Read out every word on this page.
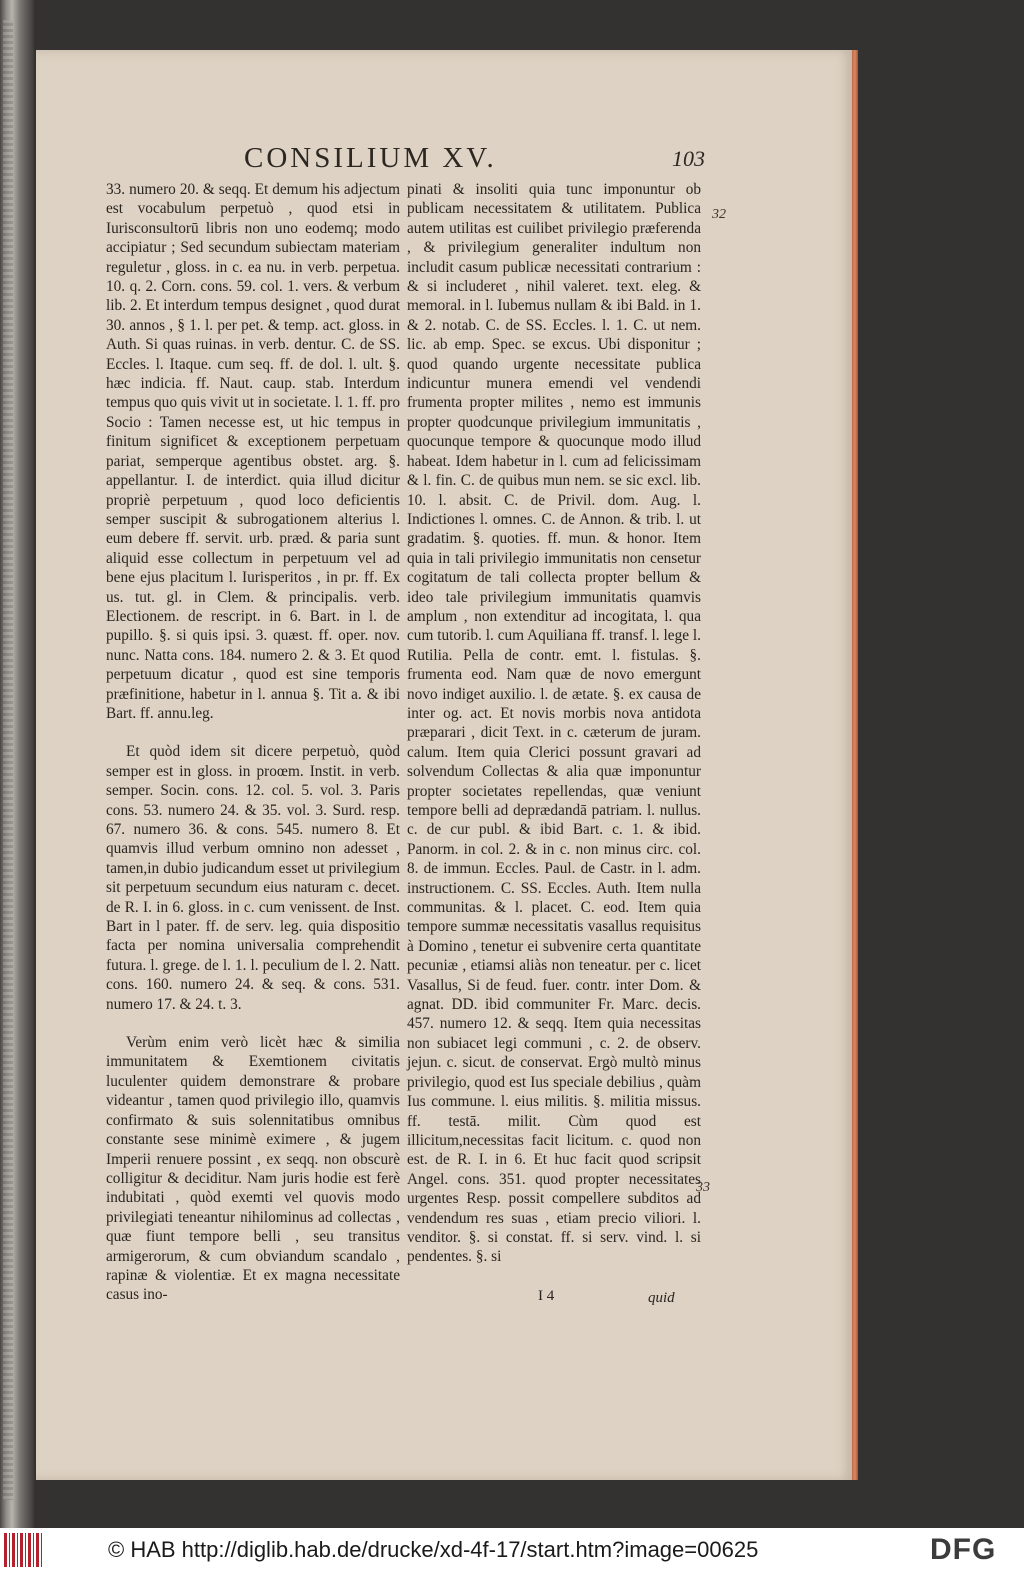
CONSILIUM XV.	103

33. numero 20. & seqq. Et demum his adjectum est vocabulum perpetuò , quod etsi in Iurisconsultorū libris non uno eodemq; modo accipiatur ; Sed secundum subiectam materiam reguletur , gloss. in c. ea nu. in verb. perpetua. 10. q. 2. Corn. cons. 59. col. 1. vers. & verbum lib. 2. Et interdum tempus designet , quod durat 30. annos , § 1. l. per pet. & temp. act. gloss. in Auth. Si quas ruinas. in verb. dentur. C. de SS. Eccles. l. Itaque. cum seq. ff. de dol. l. ult. §. hæc indicia. ff. Naut. caup. stab. Interdum tempus quo quis vivit ut in societate. l. 1. ff. pro Socio : Tamen necesse est, ut hic tempus in finitum significet & exceptionem perpetuam pariat, semperque agentibus obstet. arg. §. appellantur. I. de interdict. quia illud dicitur propriè perpetuum , quod loco deficientis semper suscipit & subrogationem alterius l. eum debere ff. servit. urb. præd. & paria sunt aliquid esse collectum in perpetuum vel ad bene ejus placitum l. Iurisperitos , in pr. ff. Ex us. tut. gl. in Clem. & principalis. verb. Electionem. de rescript. in 6. Bart. in l. de pupillo. §. si quis ipsi. 3. quæst. ff. oper. nov. nunc. Natta cons. 184. numero 2. & 3. Et quod perpetuum dicatur , quod est sine temporis præfinitione, habetur in l. annua §. Tit a. & ibi Bart. ff. annu.leg.

Et quòd idem sit dicere perpetuò, quòd semper est in gloss. in proœm. Instit. in verb. semper. Socin. cons. 12. col. 5. vol. 3. Paris cons. 53. numero 24. & 35. vol. 3. Surd. resp. 67. numero 36. & cons. 545. numero 8. Et quamvis illud verbum omnino non adesset , tamen,in dubio judicandum esset ut privilegium sit perpetuum secundum eius naturam c. decet. de R. I. in 6. gloss. in c. cum venissent. de Inst. Bart in l pater. ff. de serv. leg. quia dispositio facta per nomina universalia comprehendit futura. l. grege. de l. 1. l. peculium de l. 2. Natt. cons. 160. numero 24. & seq. & cons. 531. numero 17. & 24. t. 3.

Verùm enim verò licèt hæc & similia immunitatem & Exemtionem civitatis luculenter quidem demonstrare & probare videantur , tamen quod privilegio illo, quamvis confirmato & suis solennitatibus omnibus constante sese minimè eximere , & jugem Imperii renuere possint , ex seqq. non obscurè colligitur & deciditur. Nam juris hodie est ferè indubitati , quòd exemti vel quovis modo privilegiati teneantur nihilominus ad collectas , quæ fiunt tempore belli , seu transitus armigerorum, & cum obviandum scandalo , rapinæ & violentiæ. Et ex magna necessitate casus ino-

pinati & insoliti quia tunc imponuntur ob publicam necessitatem & utilitatem. Publica autem utilitas est cuilibet privilegio præferenda , & privilegium generaliter indultum non includit casum publicæ necessitati contrarium : & si includeret , nihil valeret. text. eleg. & memoral. in l. Iubemus nullam & ibi Bald. in 1. & 2. notab. C. de SS. Eccles. l. 1. C. ut nem. lic. ab emp. Spec. se excus. Ubi disponitur ; quod quando urgente necessitate publica indicuntur munera emendi vel vendendi frumenta propter milites , nemo est immunis propter quodcunque privilegium immunitatis , quocunque tempore & quocunque modo illud habeat. Idem habetur in l. cum ad felicissimam & l. fin. C. de quibus mun nem. se sic excl. lib. 10. l. absit. C. de Privil. dom. Aug. l. Indictiones l. omnes. C. de Annon. & trib. l. ut gradatim. §. quoties. ff. mun. & honor. Item quia in tali privilegio immunitatis non censetur cogitatum de tali collecta propter bellum & ideo tale privilegium immunitatis quamvis amplum , non extenditur ad incogitata, l. qua cum tutorib. l. cum Aquiliana ff. transf. l. lege l. Rutilia. Pella de contr. emt. l. fistulas. §. frumenta eod. Nam quæ de novo emergunt novo indiget auxilio. l. de ætate. §. ex causa de inter og. act. Et novis morbis nova antidota præparari , dicit Text. in c. cæterum de juram. calum. Item quia Clerici possunt gravari ad solvendum Collectas & alia quæ imponuntur propter societates repellendas, quæ veniunt tempore belli ad deprædandā patriam. l. nullus. c. de cur publ. & ibid Bart. c. 1. & ibid. Panorm. in col. 2. & in c. non minus circ. col. 8. de immun. Eccles. Paul. de Castr. in l. adm. instructionem. C. SS. Eccles. Auth. Item nulla communitas. & l. placet. C. eod. Item quia tempore summæ necessitatis vasallus requisitus à Domino , tenetur ei subvenire certa quantitate pecuniæ , etiamsi aliàs non teneatur. per c. licet Vasallus, Si de feud. fuer. contr. inter Dom. & agnat. DD. ibid communiter Fr. Marc. decis. 457. numero 12. & seqq. Item quia necessitas non subiacet legi communi , c. 2. de observ. jejun. c. sicut. de conservat. Ergò multò minus privilegio, quod est Ius speciale debilius , quàm Ius commune. l. eius militis. §. militia missus. ff. testā. milit. Cùm quod est illicitum,necessitas facit licitum. c. quod non est. de R. I. in 6. Et huc facit quod scripsit Angel. cons. 351. quod propter necessitates urgentes Resp. possit compellere subditos ad vendendum res suas , etiam precio viliori. l. venditor. §. si constat. ff. si serv. vind. l. si pendentes. §. si

32
33
I 4	quid
© HAB http://diglib.hab.de/drucke/xd-4f-17/start.htm?image=00625	DFG
